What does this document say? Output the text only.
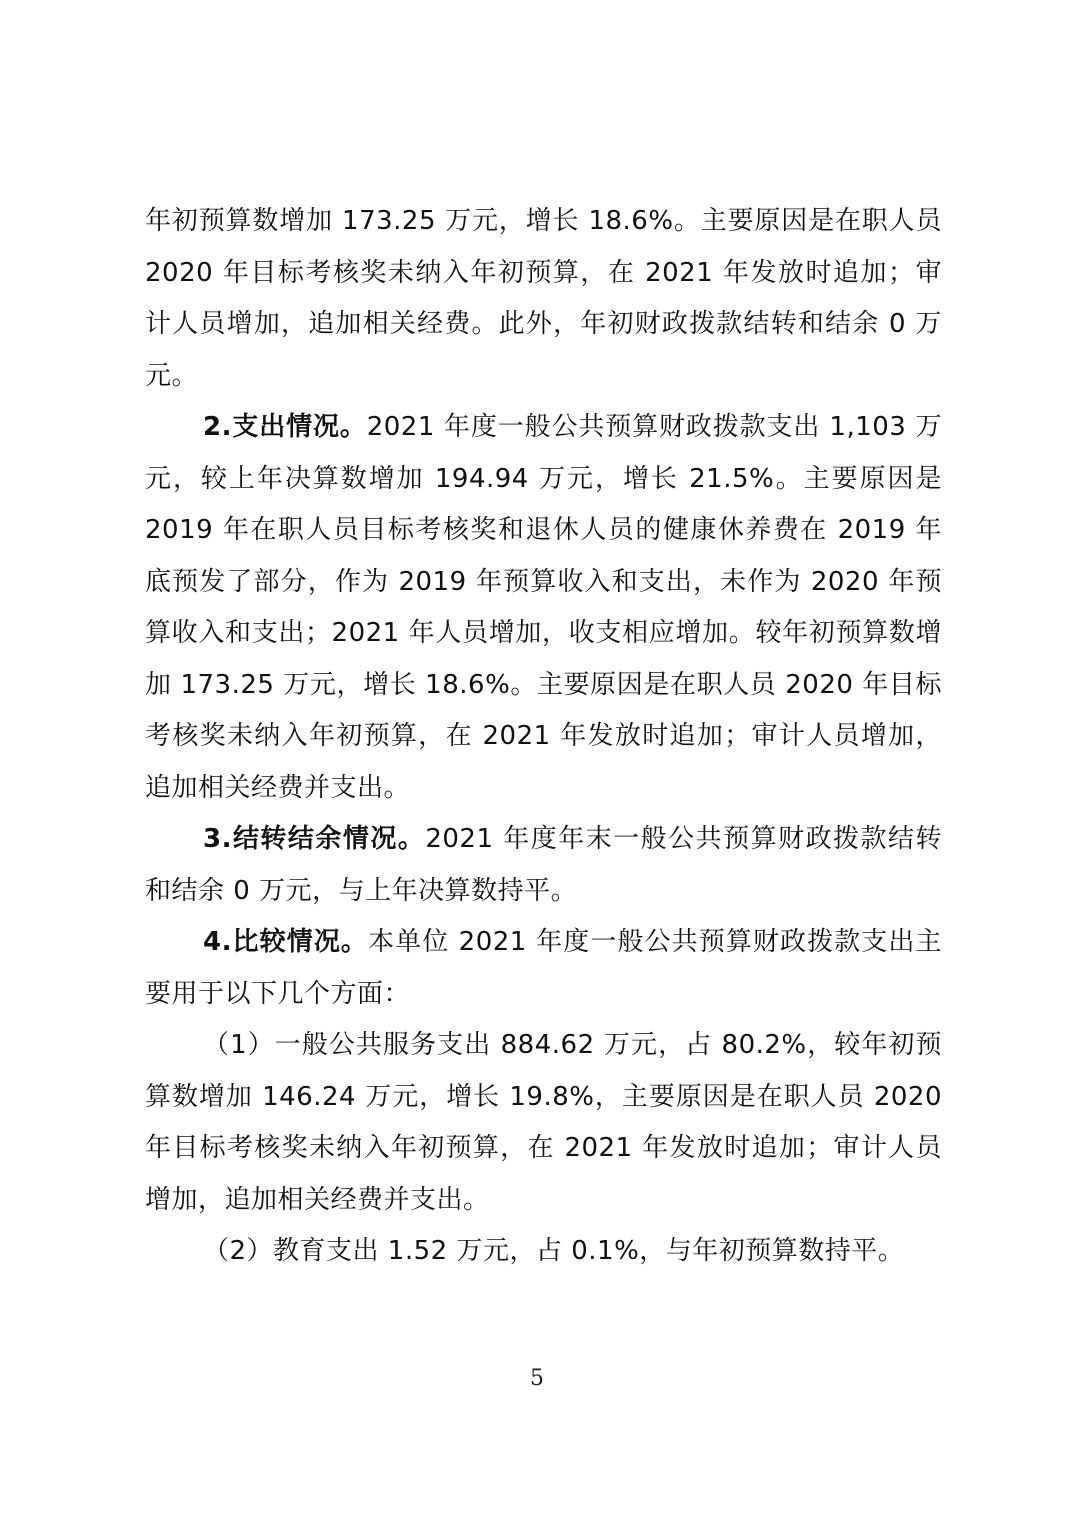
年初预算数增加 173.25 万元，增长 18.6%。主要原因是在职人员 2020 年目标考核奖未纳入年初预算，在 2021 年发放时追加；审计人员增加，追加相关经费。此外，年初财政拨款结转和结余 0 万元。

2.支出情况。2021 年度一般公共预算财政拨款支出 1,103 万元，较上年决算数增加 194.94 万元，增长 21.5%。主要原因是 2019 年在职人员目标考核奖和退休人员的健康休养费在 2019 年底预发了部分，作为 2019 年预算收入和支出，未作为 2020 年预算收入和支出；2021 年人员增加，收支相应增加。较年初预算数增加 173.25 万元，增长 18.6%。主要原因是在职人员 2020 年目标考核奖未纳入年初预算，在 2021 年发放时追加；审计人员增加，追加相关经费并支出。

3.结转结余情况。2021 年度年末一般公共预算财政拨款结转和结余 0 万元，与上年决算数持平。

4.比较情况。本单位 2021 年度一般公共预算财政拨款支出主要用于以下几个方面：

（1）一般公共服务支出 884.62 万元，占 80.2%，较年初预算数增加 146.24 万元，增长 19.8%，主要原因是在职人员 2020 年目标考核奖未纳入年初预算，在 2021 年发放时追加；审计人员增加，追加相关经费并支出。

（2）教育支出 1.52 万元，占 0.1%，与年初预算数持平。

5
